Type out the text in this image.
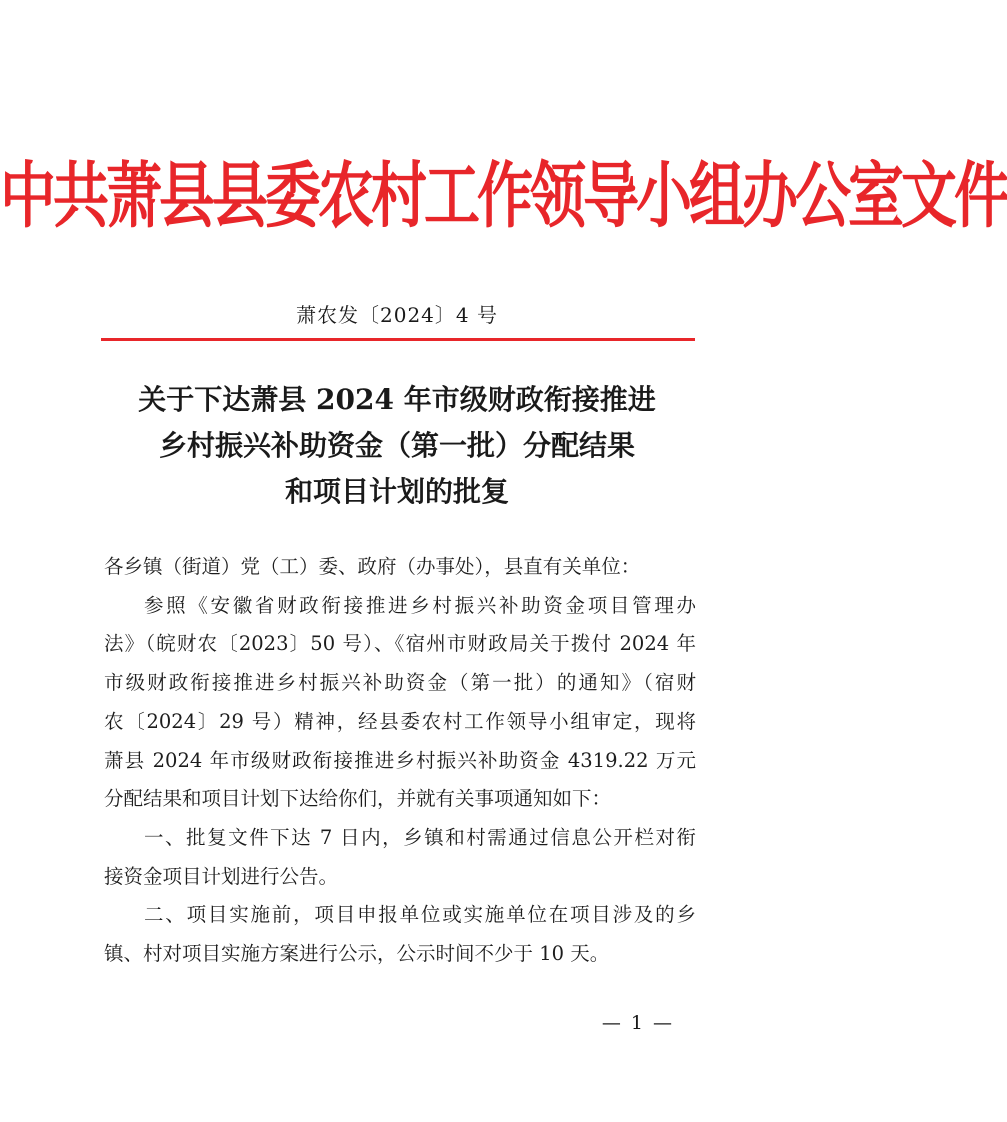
中共萧县县委农村工作领导小组办公室文件
萧农发〔2024〕4 号
关于下达萧县 2024 年市级财政衔接推进
乡村振兴补助资金（第一批）分配结果
和项目计划的批复

各乡镇（街道）党（工）委、政府（办事处），县直有关单位：

参照《安徽省财政衔接推进乡村振兴补助资金项目管理办
法》（皖财农〔2023〕50 号）、《宿州市财政局关于拨付 2024 年
市级财政衔接推进乡村振兴补助资金（第一批）的通知》（宿财
农〔2024〕29 号）精神，经县委农村工作领导小组审定，现将
萧县 2024 年市级财政衔接推进乡村振兴补助资金 4319.22 万元
分配结果和项目计划下达给你们，并就有关事项通知如下：

一、批复文件下达 7 日内，乡镇和村需通过信息公开栏对衔
接资金项目计划进行公告。

二、项目实施前，项目申报单位或实施单位在项目涉及的乡
镇、村对项目实施方案进行公示，公示时间不少于 10 天。

— 1 —
